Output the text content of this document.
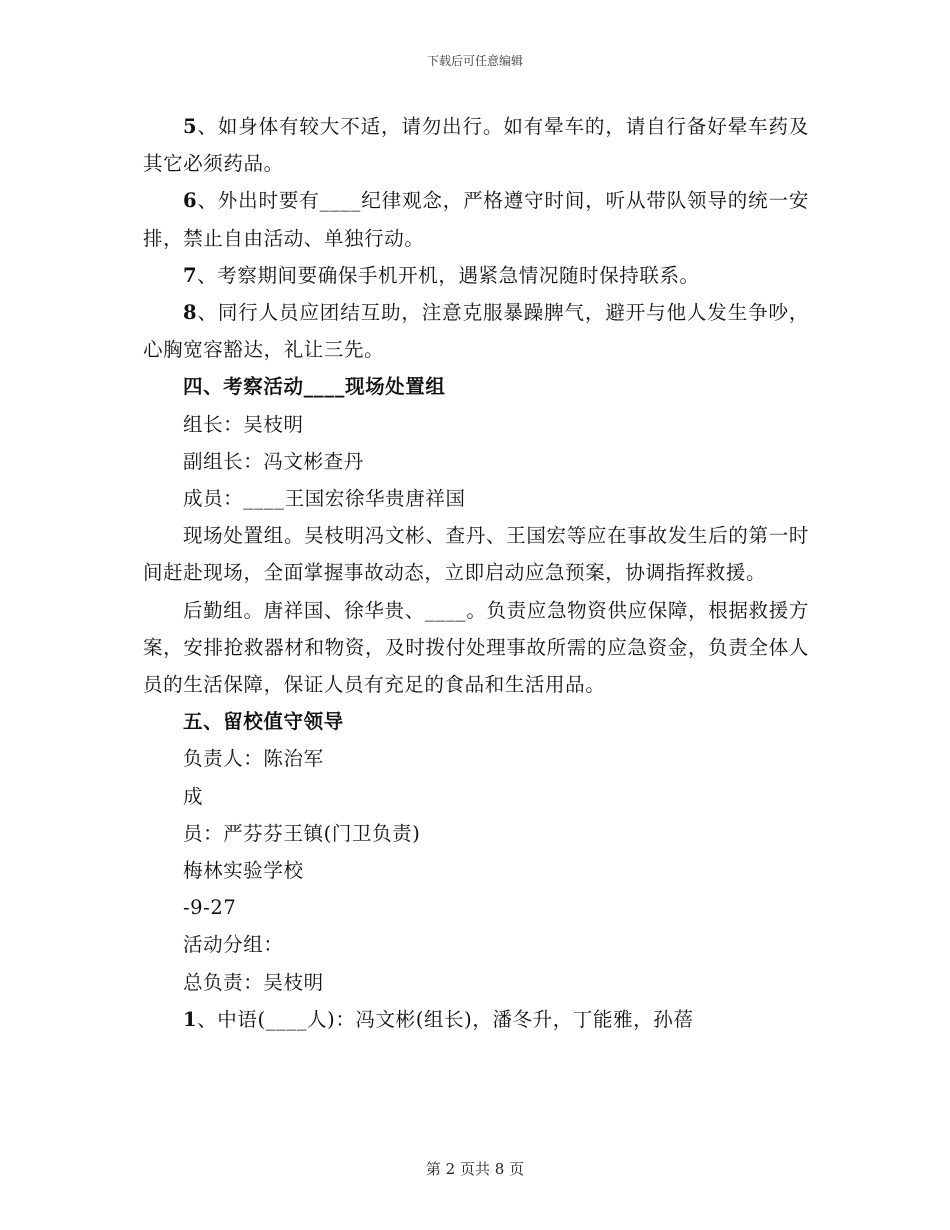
下载后可任意编辑

5、如身体有较大不适，请勿出行。如有晕车的，请自行备好晕车药及其它必须药品。

6、外出时要有____纪律观念，严格遵守时间，听从带队领导的统一安排，禁止自由活动、单独行动。

7、考察期间要确保手机开机，遇紧急情况随时保持联系。

8、同行人员应团结互助，注意克服暴躁脾气，避开与他人发生争吵，心胸宽容豁达，礼让三先。

四、考察活动____现场处置组

组长：吴枝明

副组长：冯文彬查丹

成员：____王国宏徐华贵唐祥国

现场处置组。吴枝明冯文彬、查丹、王国宏等应在事故发生后的第一时间赶赴现场，全面掌握事故动态，立即启动应急预案，协调指挥救援。

后勤组。唐祥国、徐华贵、____。负责应急物资供应保障，根据救援方案，安排抢救器材和物资，及时拨付处理事故所需的应急资金，负责全体人员的生活保障，保证人员有充足的食品和生活用品。

五、留校值守领导

负责人：陈治军

成

员：严芬芬王镇(门卫负责)

梅林实验学校

-9-27

活动分组：

总负责：吴枝明

1、中语(____人)：冯文彬(组长)，潘冬升，丁能雅，孙蓓

第 2 页共 8 页
